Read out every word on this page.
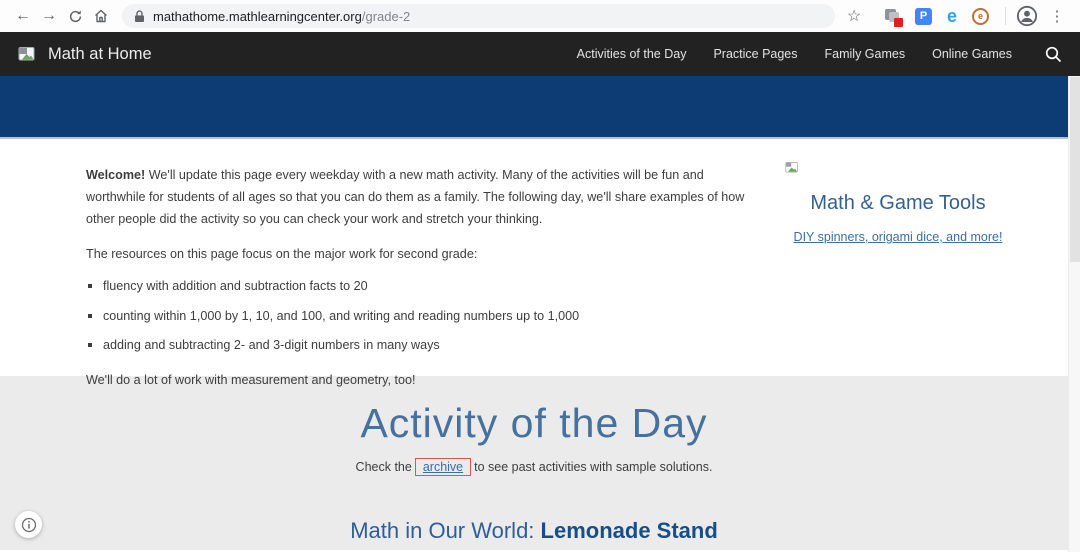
← →	mathathome.mathlearningcenter.org/grade-2	☆	P e	e	⋮
Math at Home	Activities of the Day Practice Pages Family Games Online Games

Welcome! We'll update this page every weekday with a new math activity. Many of the activities will be fun and worthwhile for students of all ages so that you can do them as a family. The following day, we'll share examples of how other people did the activity so you can check your work and stretch your thinking.

The resources on this page focus on the major work for second grade:

fluency with addition and subtraction facts to 20
counting within 1,000 by 1, 10, and 100, and writing and reading numbers up to 1,000
adding and subtracting 2- and 3-digit numbers in many ways

We'll do a lot of work with measurement and geometry, too!

Math & Game Tools
DIY spinners, origami dice, and more!
Activity of the Day
Check the archive to see past activities with sample solutions.
Math in Our World: Lemonade Stand
